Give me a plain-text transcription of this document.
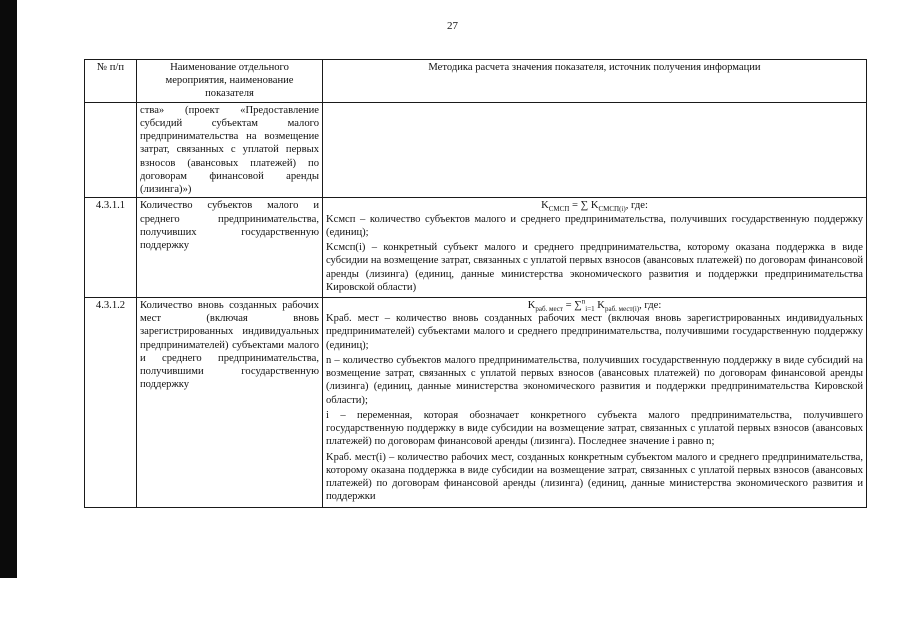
27
№ п/п	Наименование отдельного мероприятия, наименование показателя	Методика расчета значения показателя, источник получения информации
	ства» (проект «Предоставление субсидий субъектам малого предпринимательства на возмещение затрат, связанных с уплатой первых взносов (авансовых платежей) по договорам финансовой аренды (лизинга)»)	
4.3.1.1	Количество субъектов малого и среднего предпринимательства, получивших государственную поддержку	$K_{СМСП}$ = ∑ $K_{СМСП(i)}$, где:

Kсмсп – количество субъектов малого и среднего предпринимательства, получивших государственную поддержку (единиц);

Kсмсп(i) – конкретный субъект малого и среднего предпринимательства, которому оказана поддержка в виде субсидии на возмещение затрат, связанных с уплатой первых взносов (авансовых платежей) по договорам финансовой аренды (лизинга) (единиц, данные министерства экономического развития и поддержки предпринимательства Кировской области)

4.3.1.2	Количество вновь созданных рабочих мест (включая вновь зарегистрированных индивидуальных предпринимателей) субъектами малого и среднего предпринимательства, получившими государственную поддержку	$K_{раб. мест} = \sum^n_{i=1}$ $K_{раб. мест(i)}$, где:

Kраб. мест – количество вновь созданных рабочих мест (включая вновь зарегистрированных индивидуальных предпринимателей) субъектами малого и среднего предпринимательства, получившими государственную поддержку (единиц);

n – количество субъектов малого предпринимательства, получивших государственную поддержку в виде субсидий на возмещение затрат, связанных с уплатой первых взносов (авансовых платежей) по договорам финансовой аренды (лизинга) (единиц, данные министерства экономического развития и поддержки предпринимательства Кировской области);

i – переменная, которая обозначает конкретного субъекта малого предпринимательства, получившего государственную поддержку в виде субсидии на возмещение затрат, связанных с уплатой первых взносов (авансовых платежей) по договорам финансовой аренды (лизинга). Последнее значение i равно n;

Kраб. мест(i) – количество рабочих мест, созданных конкретным субъектом малого и среднего предпринимательства, которому оказана поддержка в виде субсидии на возмещение затрат, связанных с уплатой первых взносов (авансовых платежей) по договорам финансовой аренды (лизинга) (единиц, данные министерства экономического развития и поддержки
